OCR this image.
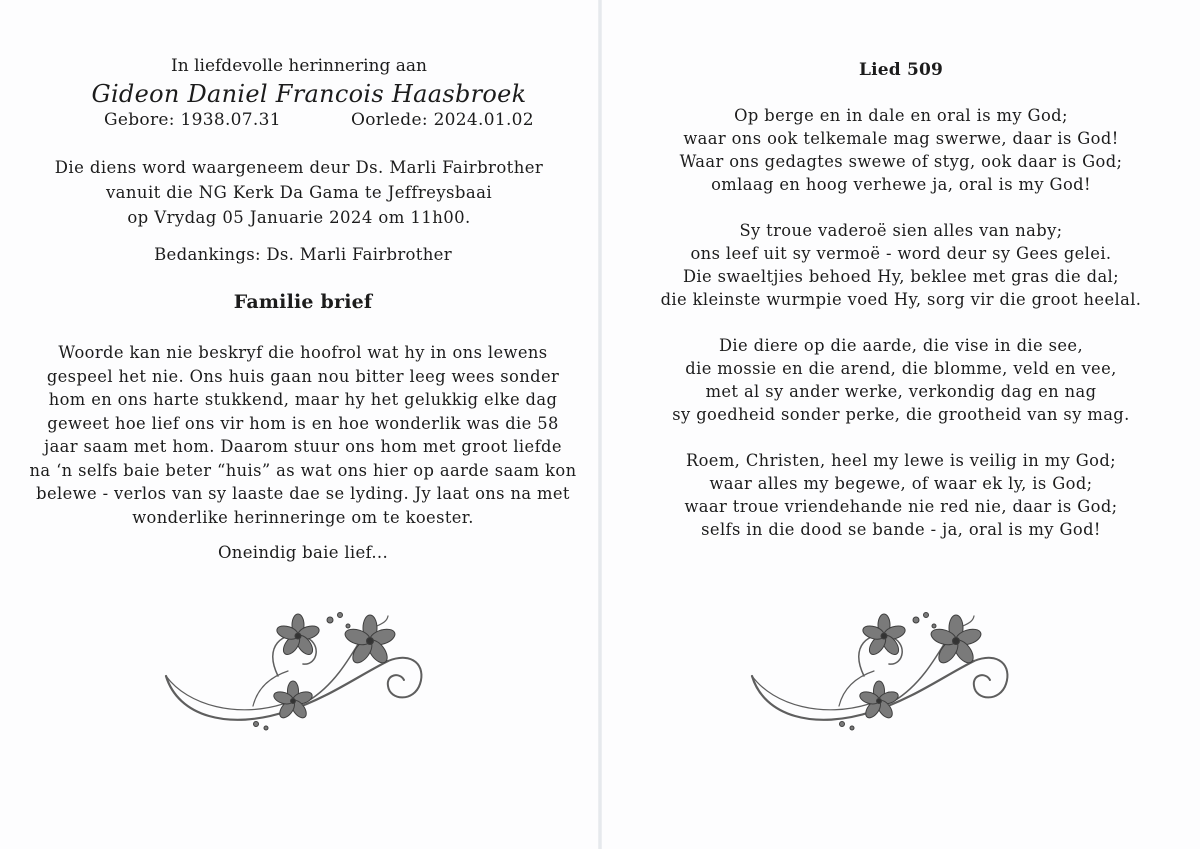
In liefdevolle herinnering aan
Gideon Daniel Francois Haasbroek
Gebore: 1938.07.31	Oorlede: 2024.01.02
Die diens word waargeneem deur Ds. Marli Fairbrother
vanuit die NG Kerk Da Gama te Jeffreysbaai
op Vrydag 05 Januarie 2024 om 11h00.
Bedankings: Ds. Marli Fairbrother
Familie brief
Woorde kan nie beskryf die hoofrol wat hy in ons lewens
gespeel het nie. Ons huis gaan nou bitter leeg wees sonder
hom en ons harte stukkend, maar hy het gelukkig elke dag
geweet hoe lief ons vir hom is en hoe wonderlik was die 58
jaar saam met hom. Daarom stuur ons hom met groot liefde
na ‘n selfs baie beter “huis” as wat ons hier op aarde saam kon
belewe - verlos van sy laaste dae se lyding. Jy laat ons na met
wonderlike herinneringe om te koester.
Oneindig baie lief...
Lied 509
Op berge en in dale en oral is my God;
waar ons ook telkemale mag swerwe, daar is God!
Waar ons gedagtes swewe of styg, ook daar is God;
omlaag en hoog verhewe ja, oral is my God!
Sy troue vaderoë sien alles van naby;
ons leef uit sy vermoë - word deur sy Gees gelei.
Die swaeltjies behoed Hy, beklee met gras die dal;
die kleinste wurmpie voed Hy, sorg vir die groot heelal.
Die diere op die aarde, die vise in die see,
die mossie en die arend, die blomme, veld en vee,
met al sy ander werke, verkondig dag en nag
sy goedheid sonder perke, die grootheid van sy mag.
Roem, Christen, heel my lewe is veilig in my God;
waar alles my begewe, of waar ek ly, is God;
waar troue vriendehande nie red nie, daar is God;
selfs in die dood se bande - ja, oral is my God!
